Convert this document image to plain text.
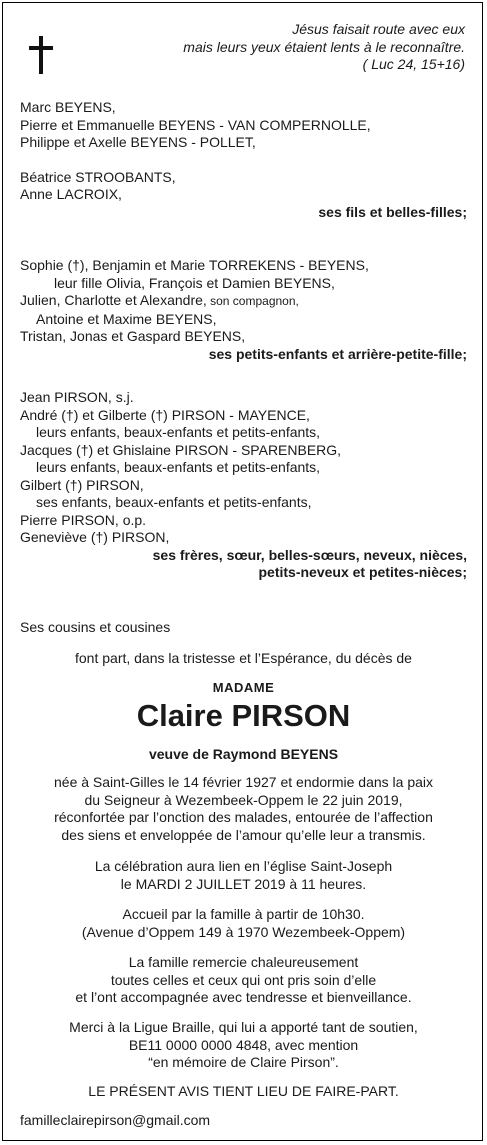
Jésus faisait route avec eux
mais leurs yeux étaient lents à le reconnaître.
( Luc 24, 15+16)
Marc BEYENS,
Pierre et Emmanuelle BEYENS - VAN COMPERNOLLE,
Philippe et Axelle BEYENS - POLLET,
Béatrice STROOBANTS,
Anne LACROIX,
ses fils et belles-filles;
Sophie (†), Benjamin et Marie TORREKENS - BEYENS,
leur fille Olivia, François et Damien BEYENS,
Julien, Charlotte et Alexandre, son compagnon,
Antoine et Maxime BEYENS,
Tristan, Jonas et Gaspard BEYENS,
ses petits-enfants et arrière-petite-fille;
Jean PIRSON, s.j.
André (†) et Gilberte (†) PIRSON - MAYENCE,
leurs enfants, beaux-enfants et petits-enfants,
Jacques (†) et Ghislaine PIRSON - SPARENBERG,
leurs enfants, beaux-enfants et petits-enfants,
Gilbert (†) PIRSON,
ses enfants, beaux-enfants et petits-enfants,
Pierre PIRSON, o.p.
Geneviève (†) PIRSON,
ses frères, sœur, belles-sœurs, neveux, nièces,
petits-neveux et petites-nièces;
Ses cousins et cousines
font part, dans la tristesse et l’Espérance, du décès de
MADAME
Claire PIRSON
veuve de Raymond BEYENS
née à Saint-Gilles le 14 février 1927 et endormie dans la paix
du Seigneur à Wezembeek-Oppem le 22 juin 2019,
réconfortée par l’onction des malades, entourée de l’affection
des siens et enveloppée de l’amour qu’elle leur a transmis.
La célébration aura lien en l’église Saint-Joseph
le MARDI 2 JUILLET 2019 à 11 heures.
Accueil par la famille à partir de 10h30.
(Avenue d’Oppem 149 à 1970 Wezembeek-Oppem)
La famille remercie chaleureusement
toutes celles et ceux qui ont pris soin d’elle
et l’ont accompagnée avec tendresse et bienveillance.
Merci à la Ligue Braille, qui lui a apporté tant de soutien,
BE11 0000 0000 4848, avec mention
“en mémoire de Claire Pirson”.
LE PRÉSENT AVIS TIENT LIEU DE FAIRE-PART.
familleclairepirson@gmail.com
